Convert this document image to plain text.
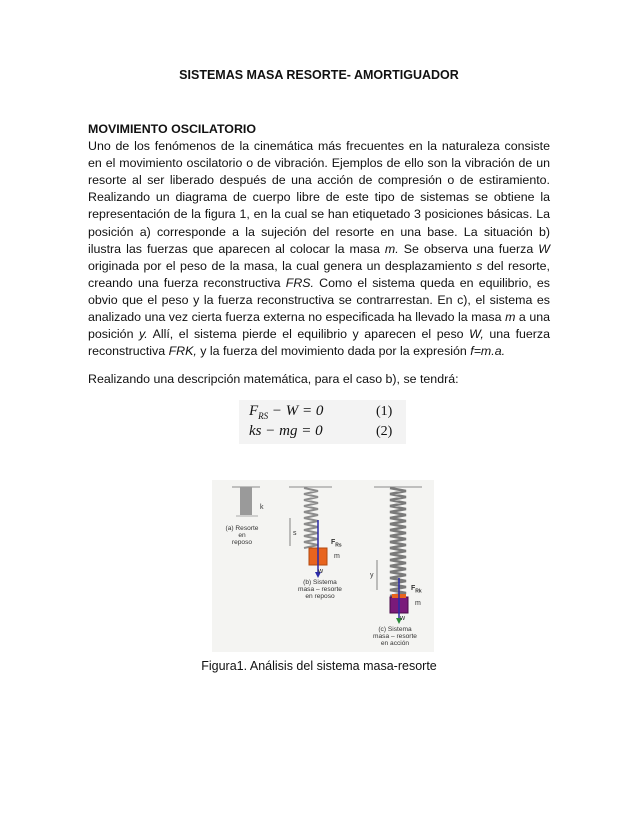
SISTEMAS MASA RESORTE- AMORTIGUADOR
MOVIMIENTO OSCILATORIO

Uno de los fenómenos de la cinemática más frecuentes en la naturaleza consiste en el movimiento oscilatorio o de vibración. Ejemplos de ello son la vibración de un resorte al ser liberado después de una acción de compresión o de estiramiento. Realizando un diagrama de cuerpo libre de este tipo de sistemas se obtiene la representación de la figura 1, en la cual se han etiquetado 3 posiciones básicas. La posición a) corresponde a la sujeción del resorte en una base. La situación b) ilustra las fuerzas que aparecen al colocar la masa m. Se observa una fuerza W originada por el peso de la masa, la cual genera un desplazamiento s del resorte, creando una fuerza reconstructiva FRS. Como el sistema queda en equilibrio, es obvio que el peso y la fuerza reconstructiva se contrarrestan. En c), el sistema es analizado una vez cierta fuerza externa no especificada ha llevado la masa m a una posición y. Allí, el sistema pierde el equilibrio y aparecen el peso W, una fuerza reconstructiva FRK, y la fuerza del movimiento dada por la expresión f=m.a.

Realizando una descripción matemática, para el caso b), se tendrá:
$F_{RS} - W = 0$	(1)
ks − mg = 0	(2)
k
(a) Resorte
en
reposo
s
$F_{Rs}$
m
w
(b) Sistema
masa – resorte
en reposo
y
$F_{Rk}$
m
w
(c) Sistema
masa – resorte
en acción
Figura1. Análisis del sistema masa-resorte
